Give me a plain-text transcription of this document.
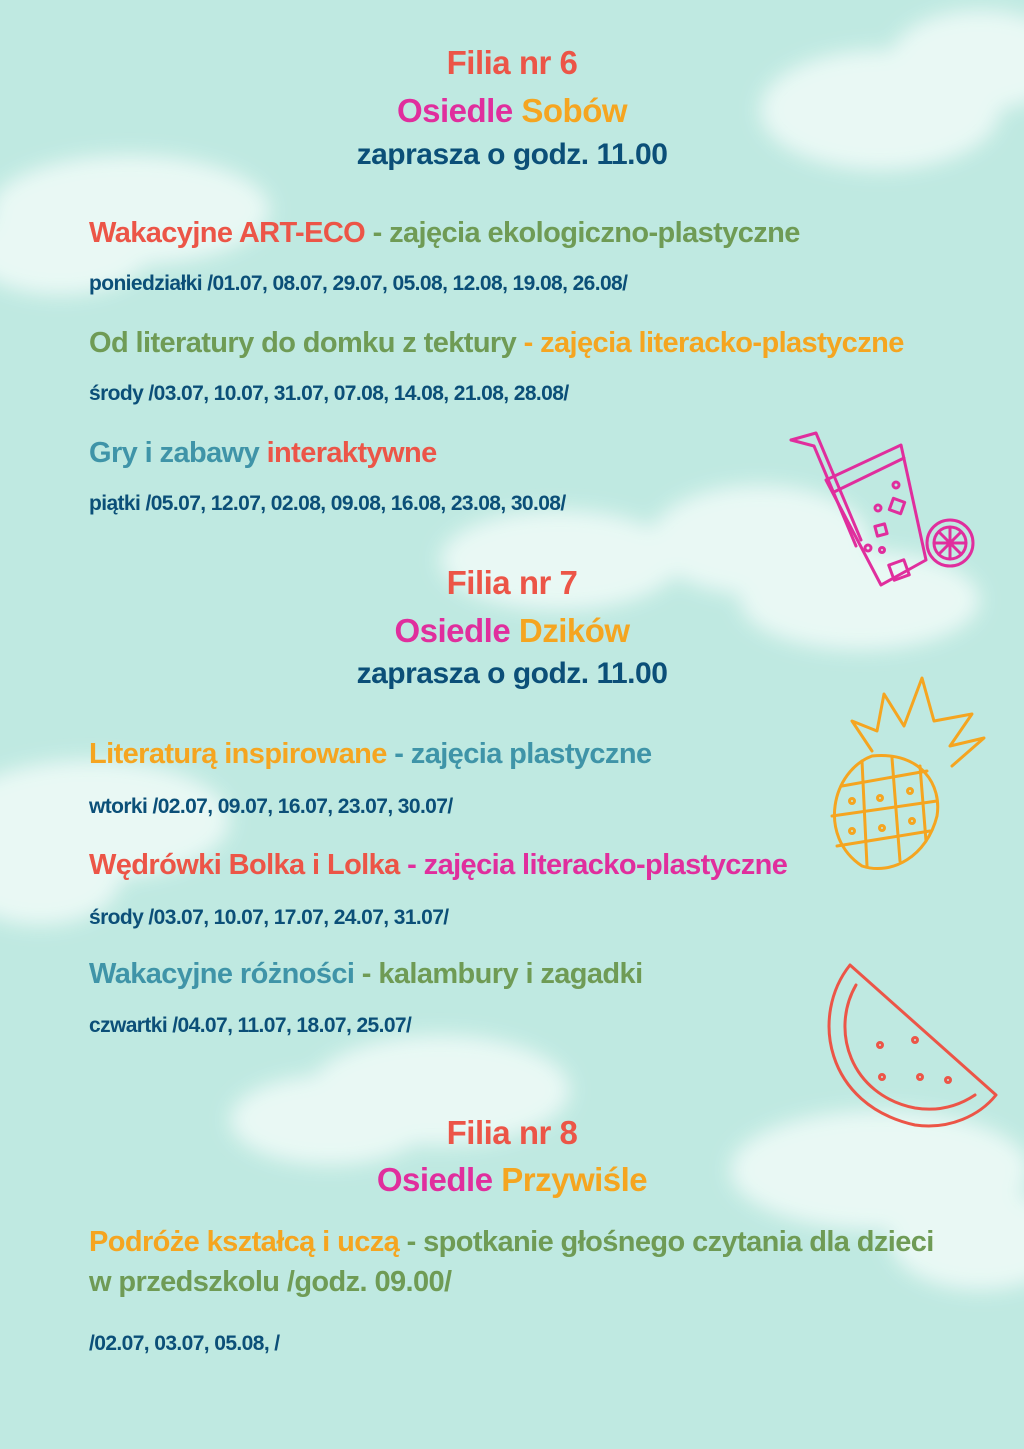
Filia nr 6
Osiedle Sobów
zaprasza o godz. 11.00
Wakacyjne ART-ECO - zajęcia ekologiczno-plastyczne
poniedziałki /01.07, 08.07, 29.07, 05.08, 12.08, 19.08, 26.08/
Od literatury do domku z tektury - zajęcia literacko-plastyczne
środy /03.07, 10.07, 31.07, 07.08, 14.08, 21.08, 28.08/
Gry i zabawy interaktywne
piątki /05.07, 12.07, 02.08, 09.08, 16.08, 23.08, 30.08/
Filia nr 7
Osiedle Dzików
zaprasza o godz. 11.00
Literaturą inspirowane - zajęcia plastyczne
wtorki /02.07, 09.07, 16.07, 23.07, 30.07/
Wędrówki Bolka i Lolka - zajęcia literacko-plastyczne
środy /03.07, 10.07, 17.07, 24.07, 31.07/
Wakacyjne różności - kalambury i zagadki
czwartki /04.07, 11.07, 18.07, 25.07/
Filia nr 8
Osiedle Przywiśle
Podróże kształcą i uczą - spotkanie głośnego czytania dla dzieci
w przedszkolu /godz. 09.00/
/02.07, 03.07, 05.08, /
